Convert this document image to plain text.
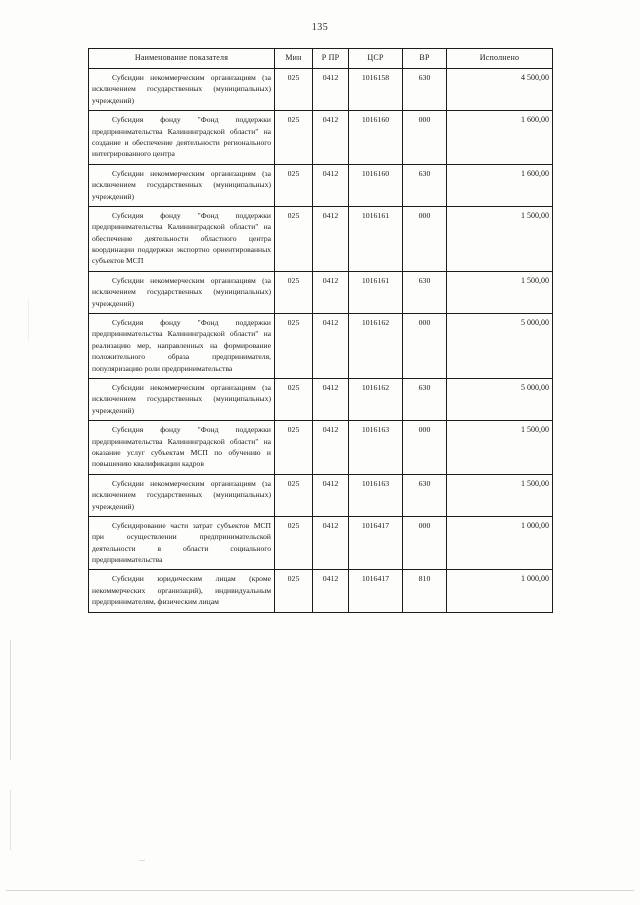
135
Наименование показателя	Мин	Р ПР	ЦСР	ВР	Исполнено
Субсидии некоммерческим организациям (за исключением государственных (муниципальных) учреждений)	025	0412	1016158	630	4 500,00
Субсидия фонду "Фонд поддержки предпринимательства Калининградской области" на создание и обеспечение деятельности регионального интегрированного центра	025	0412	1016160	000	1 600,00
Субсидии некоммерческим организациям (за исключением государственных (муниципальных) учреждений)	025	0412	1016160	630	1 600,00
Субсидия фонду "Фонд поддержки предпринимательства Калининградской области" на обеспечение деятельности областного центра координации поддержки экспортно ориентированных субъектов МСП	025	0412	1016161	000	1 500,00
Субсидии некоммерческим организациям (за исключением государственных (муниципальных) учреждений)	025	0412	1016161	630	1 500,00
Субсидия фонду "Фонд поддержки предпринимательства Калининградской области" на реализацию мер, направленных на формирование положительного образа предпринимателя, популяризацию роли предпринимательства	025	0412	1016162	000	5 000,00
Субсидии некоммерческим организациям (за исключением государственных (муниципальных) учреждений)	025	0412	1016162	630	5 000,00
Субсидия фонду "Фонд поддержки предпринимательства Калининградской области" на оказание услуг субъектам МСП по обучению и повышению квалификации кадров	025	0412	1016163	000	1 500,00
Субсидии некоммерческим организациям (за исключением государственных (муниципальных) учреждений)	025	0412	1016163	630	1 500,00
Субсидирование части затрат субъектов МСП при осуществлении предпринимательской деятельности в области социального предпринимательства	025	0412	1016417	000	1 000,00
Субсидии юридическим лицам (кроме некоммерческих организаций), индивидуальным предпринимателям, физическим лицам	025	0412	1016417	810	1 000,00
